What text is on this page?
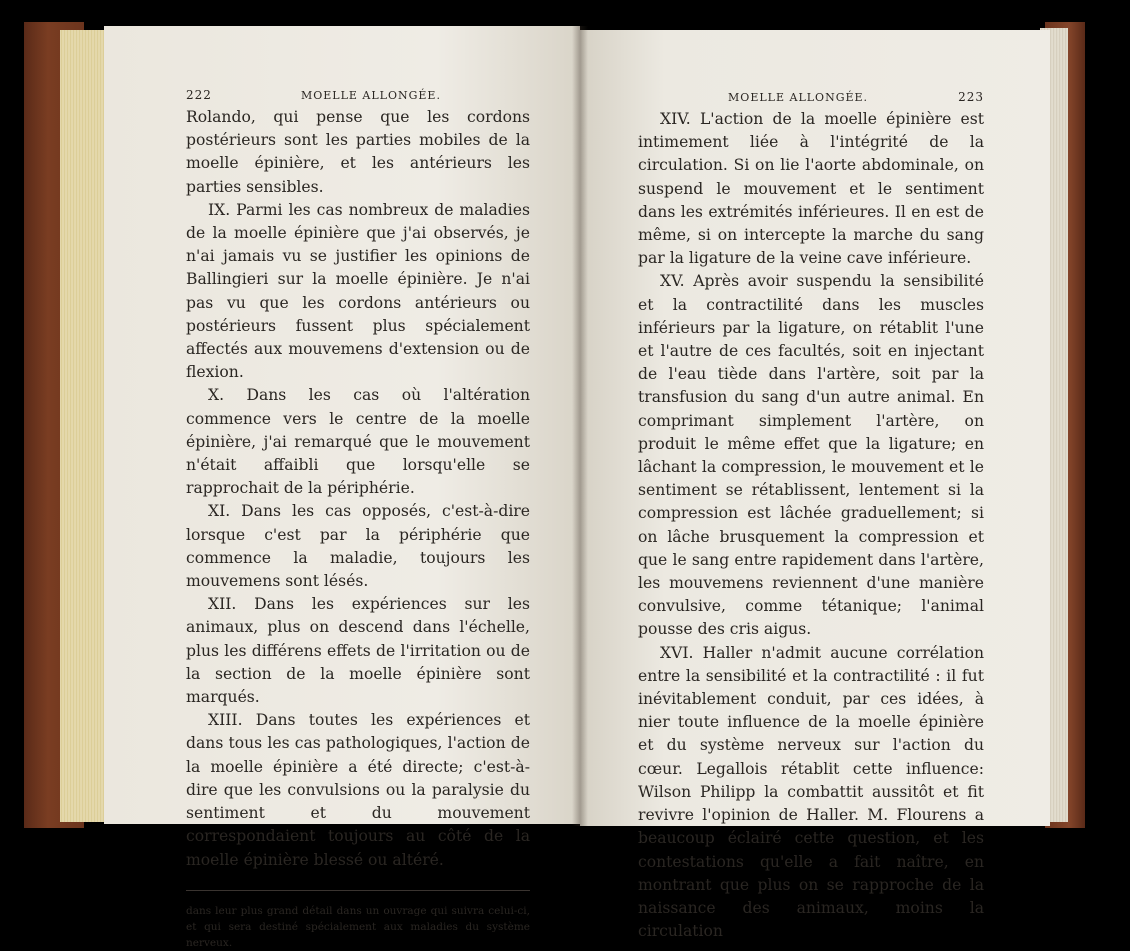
222	MOELLE ALLONGÉE.

Rolando, qui pense que les cordons postérieurs sont les parties mobiles de la moelle épinière, et les antérieurs les parties sensibles.

IX. Parmi les cas nombreux de maladies de la moelle épinière que j'ai observés, je n'ai jamais vu se justifier les opinions de Ballingieri sur la moelle épinière. Je n'ai pas vu que les cordons antérieurs ou postérieurs fussent plus spécialement affectés aux mouvemens d'extension ou de flexion.

X. Dans les cas où l'altération commence vers le centre de la moelle épinière, j'ai remarqué que le mouvement n'était affaibli que lorsqu'elle se rapprochait de la périphérie.

XI. Dans les cas opposés, c'est-à-dire lorsque c'est par la périphérie que commence la maladie, toujours les mouvemens sont lésés.

XII. Dans les expériences sur les animaux, plus on descend dans l'échelle, plus les différens effets de l'irritation ou de la section de la moelle épinière sont marqués.

XIII. Dans toutes les expériences et dans tous les cas pathologiques, l'action de la moelle épinière a été directe; c'est-à-dire que les convulsions ou la paralysie du sentiment et du mouvement correspondaient toujours au côté de la moelle épinière blessé ou altéré.

dans leur plus grand détail dans un ouvrage qui suivra celui-ci, et qui sera destiné spécialement aux maladies du système nerveux.
MOELLE ALLONGÉE.	223

XIV. L'action de la moelle épinière est intimement liée à l'intégrité de la circulation. Si on lie l'aorte abdominale, on suspend le mouvement et le sentiment dans les extrémités inférieures. Il en est de même, si on intercepte la marche du sang par la ligature de la veine cave inférieure.

XV. Après avoir suspendu la sensibilité et la contractilité dans les muscles inférieurs par la ligature, on rétablit l'une et l'autre de ces facultés, soit en injectant de l'eau tiède dans l'artère, soit par la transfusion du sang d'un autre animal. En comprimant simplement l'artère, on produit le même effet que la ligature; en lâchant la compression, le mouvement et le sentiment se rétablissent, lentement si la compression est lâchée graduellement; si on lâche brusquement la compression et que le sang entre rapidement dans l'artère, les mouvemens reviennent d'une manière convulsive, comme tétanique; l'animal pousse des cris aigus.

XVI. Haller n'admit aucune corrélation entre la sensibilité et la contractilité : il fut inévitablement conduit, par ces idées, à nier toute influence de la moelle épinière et du système nerveux sur l'action du cœur. Legallois rétablit cette influence: Wilson Philipp la combattit aussitôt et fit revivre l'opinion de Haller. M. Flourens a beaucoup éclairé cette question, et les contestations qu'elle a fait naître, en montrant que plus on se rapproche de la naissance des animaux, moins la circulation
